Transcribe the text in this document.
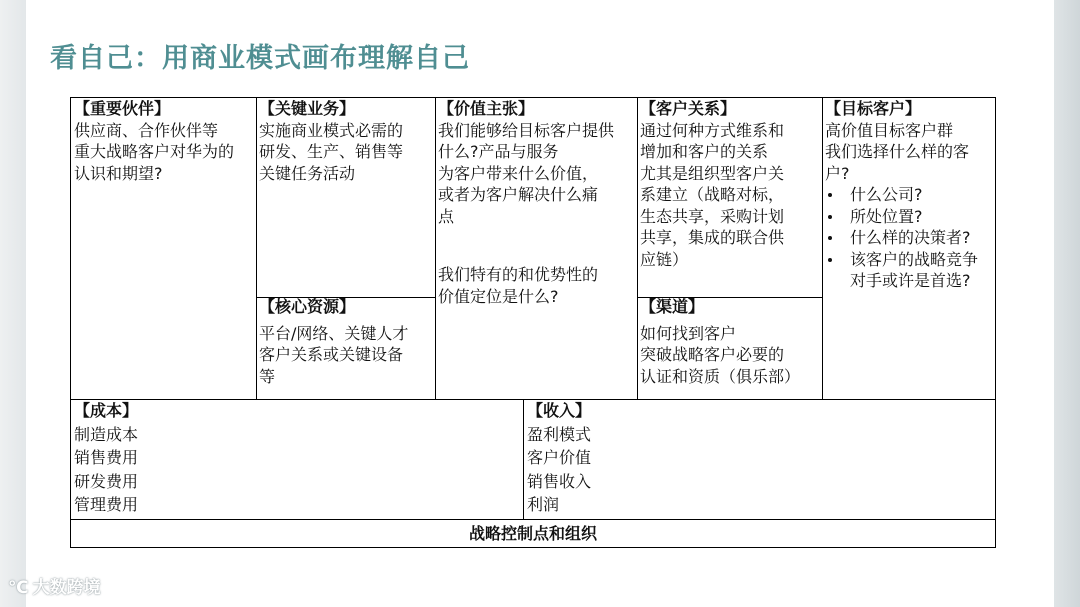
看自己：用商业模式画布理解自己
【重要伙伴】
供应商、合作伙伴等
重大战略客户对华为的
认识和期望?
【关键业务】
实施商业模式必需的
研发、生产、销售等
关键任务活动
【核心资源】
平台/网络、关键人才
客户关系或关键设备
等
【价值主张】
我们能够给目标客户提供
什么?产品与服务
为客户带来什么价值，
或者为客户解决什么痛
点
我们特有的和优势性的
价值定位是什么?
【客户关系】
通过何种方式维系和
增加和客户的关系
尤其是组织型客户关
系建立（战略对标，
生态共享，采购计划
共享，集成的联合供
应链）
【渠道】
如何找到客户
突破战略客户必要的
认证和资质（俱乐部）
【目标客户】
高价值目标客户群
我们选择什么样的客
户?
什么公司?
所处位置?
什么样的决策者?
该客户的战略竞争
对手或许是首选?
【成本】
制造成本
销售费用
研发费用
管理费用
【收入】
盈利模式
客户价值
销售收入
利润
战略控制点和组织
℃ 大数跨境
